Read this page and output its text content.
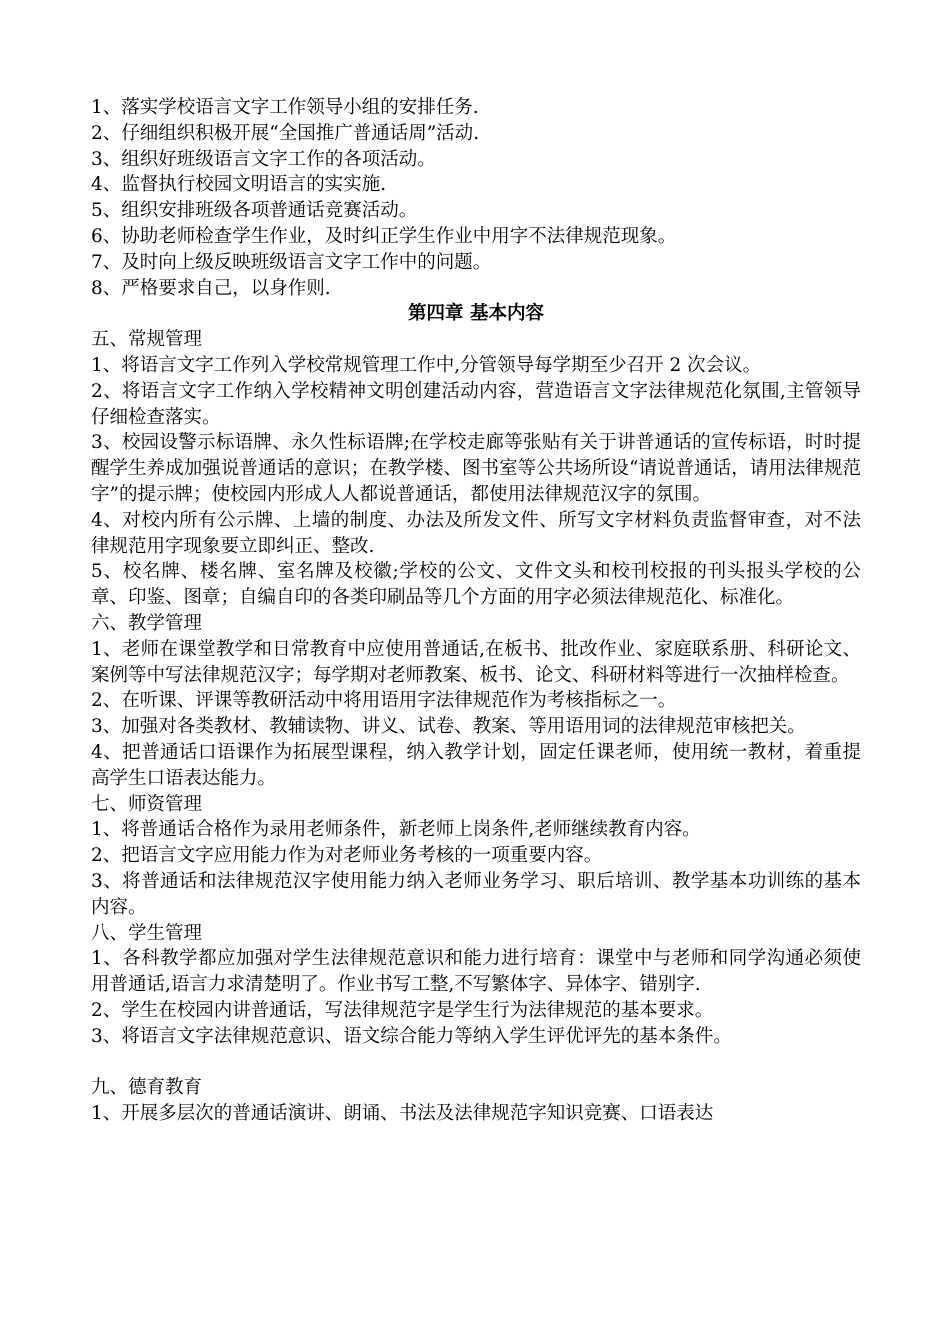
1、落实学校语言文字工作领导小组的安排任务.

2、仔细组织积极开展“全国推广普通话周”活动.

3、组织好班级语言文字工作的各项活动。

4、监督执行校园文明语言的实实施.

5、组织安排班级各项普通话竞赛活动。

6、协助老师检查学生作业，及时纠正学生作业中用字不法律规范现象。

7、及时向上级反映班级语言文字工作中的问题。

8、严格要求自己，以身作则.

第四章 基本内容

五、常规管理

1、将语言文字工作列入学校常规管理工作中,分管领导每学期至少召开 2 次会议。

2、将语言文字工作纳入学校精神文明创建活动内容，营造语言文字法律规范化氛围,主管领导仔细检查落实。

3、校园设警示标语牌、永久性标语牌;在学校走廊等张贴有关于讲普通话的宣传标语，时时提醒学生养成加强说普通话的意识；在教学楼、图书室等公共场所设“请说普通话，请用法律规范字”的提示牌；使校园内形成人人都说普通话，都使用法律规范汉字的氛围。

4、对校内所有公示牌、上墙的制度、办法及所发文件、所写文字材料负责监督审查，对不法律规范用字现象要立即纠正、整改.

5、校名牌、楼名牌、室名牌及校徽;学校的公文、文件文头和校刊校报的刊头报头学校的公章、印鉴、图章；自编自印的各类印刷品等几个方面的用字必须法律规范化、标准化。

六、教学管理

1、老师在课堂教学和日常教育中应使用普通话,在板书、批改作业、家庭联系册、科研论文、案例等中写法律规范汉字；每学期对老师教案、板书、论文、科研材料等进行一次抽样检查。

2、在听课、评课等教研活动中将用语用字法律规范作为考核指标之一。

3、加强对各类教材、教辅读物、讲义、试卷、教案、等用语用词的法律规范审核把关。

4、把普通话口语课作为拓展型课程，纳入教学计划，固定任课老师，使用统一教材，着重提高学生口语表达能力。

七、师资管理

1、将普通话合格作为录用老师条件，新老师上岗条件,老师继续教育内容。

2、把语言文字应用能力作为对老师业务考核的一项重要内容。

3、将普通话和法律规范汉字使用能力纳入老师业务学习、职后培训、教学基本功训练的基本内容。

八、学生管理

1、各科教学都应加强对学生法律规范意识和能力进行培育：课堂中与老师和同学沟通必须使用普通话,语言力求清楚明了。作业书写工整,不写繁体字、异体字、错别字.

2、学生在校园内讲普通话，写法律规范字是学生行为法律规范的基本要求。

3、将语言文字法律规范意识、语文综合能力等纳入学生评优评先的基本条件。

九、德育教育

1、开展多层次的普通话演讲、朗诵、书法及法律规范字知识竞赛、口语表达
